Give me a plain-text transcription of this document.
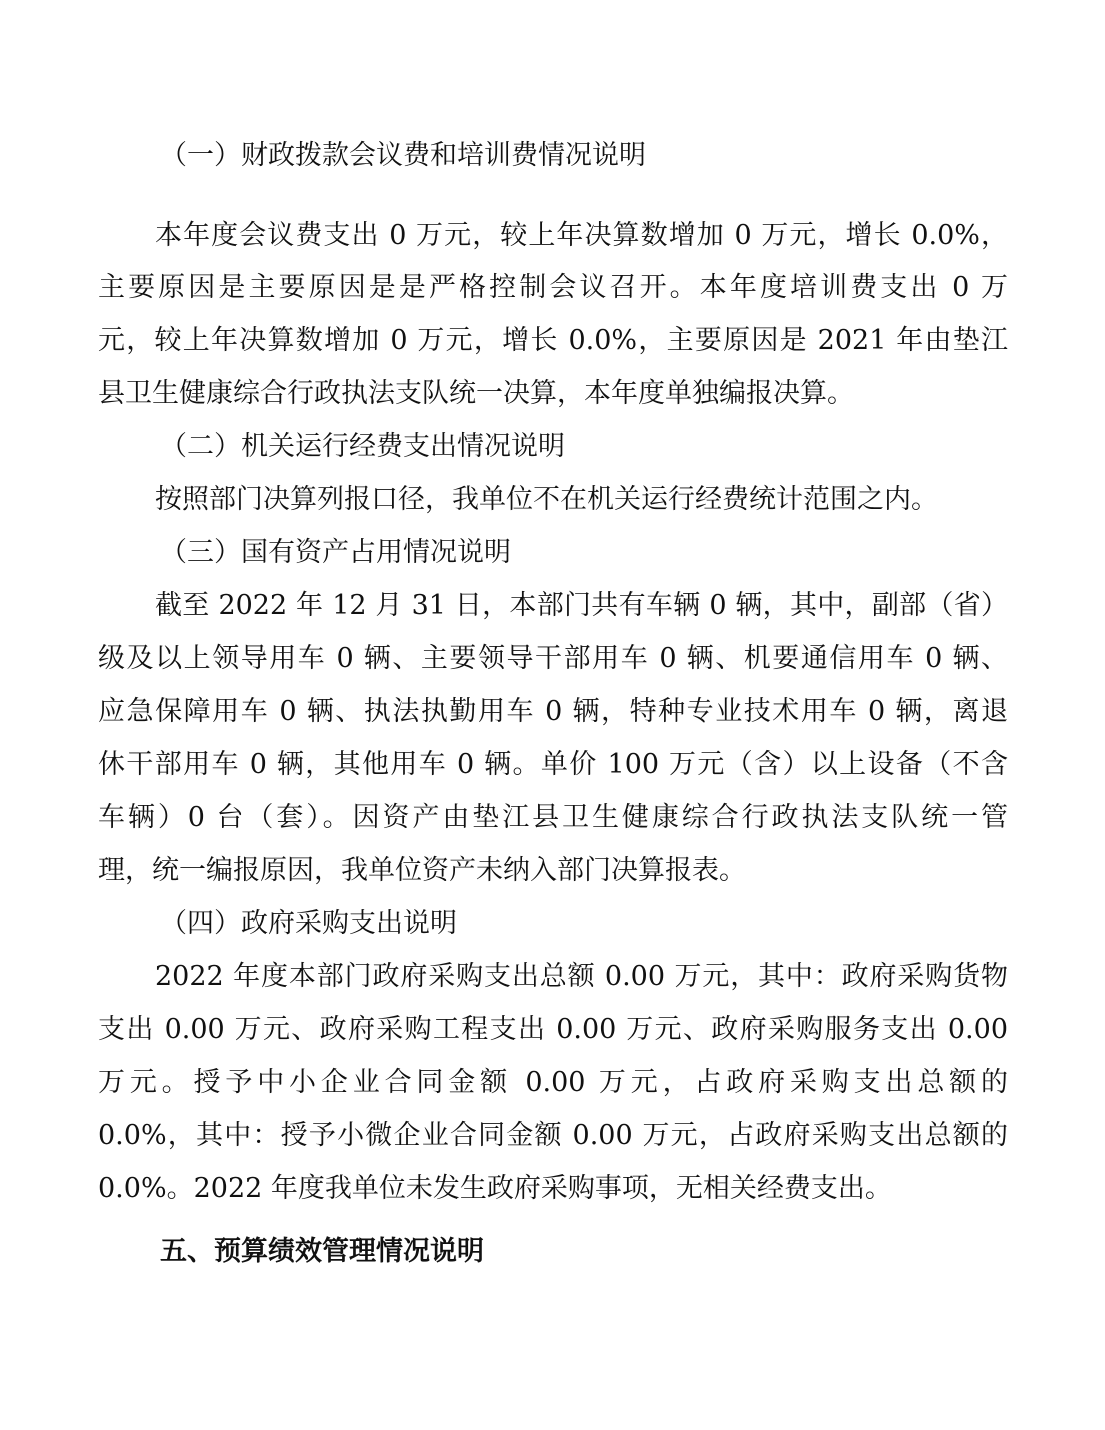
（一）财政拨款会议费和培训费情况说明
本年度会议费支出 0 万元，较上年决算数增加 0 万元，增长 0.0%，
主要原因是主要原因是是严格控制会议召开。本年度培训费支出 0 万
元，较上年决算数增加 0 万元，增长 0.0%，主要原因是 2021 年由垫江
县卫生健康综合行政执法支队统一决算，本年度单独编报决算。
（二）机关运行经费支出情况说明
按照部门决算列报口径，我单位不在机关运行经费统计范围之内。
（三）国有资产占用情况说明
截至 2022 年 12 月 31 日，本部门共有车辆 0 辆，其中，副部（省）
级及以上领导用车 0 辆、主要领导干部用车 0 辆、机要通信用车 0 辆、
应急保障用车 0 辆、执法执勤用车 0 辆，特种专业技术用车 0 辆，离退
休干部用车 0 辆，其他用车 0 辆。单价 100 万元（含）以上设备（不含
车辆）0 台（套）。因资产由垫江县卫生健康综合行政执法支队统一管
理，统一编报原因，我单位资产未纳入部门决算报表。
（四）政府采购支出说明
2022 年度本部门政府采购支出总额 0.00 万元，其中：政府采购货物
支出 0.00 万元、政府采购工程支出 0.00 万元、政府采购服务支出 0.00
万元。授予中小企业合同金额 0.00 万元，占政府采购支出总额的
0.0%，其中：授予小微企业合同金额 0.00 万元，占政府采购支出总额的
0.0%。2022 年度我单位未发生政府采购事项，无相关经费支出。
五、预算绩效管理情况说明
